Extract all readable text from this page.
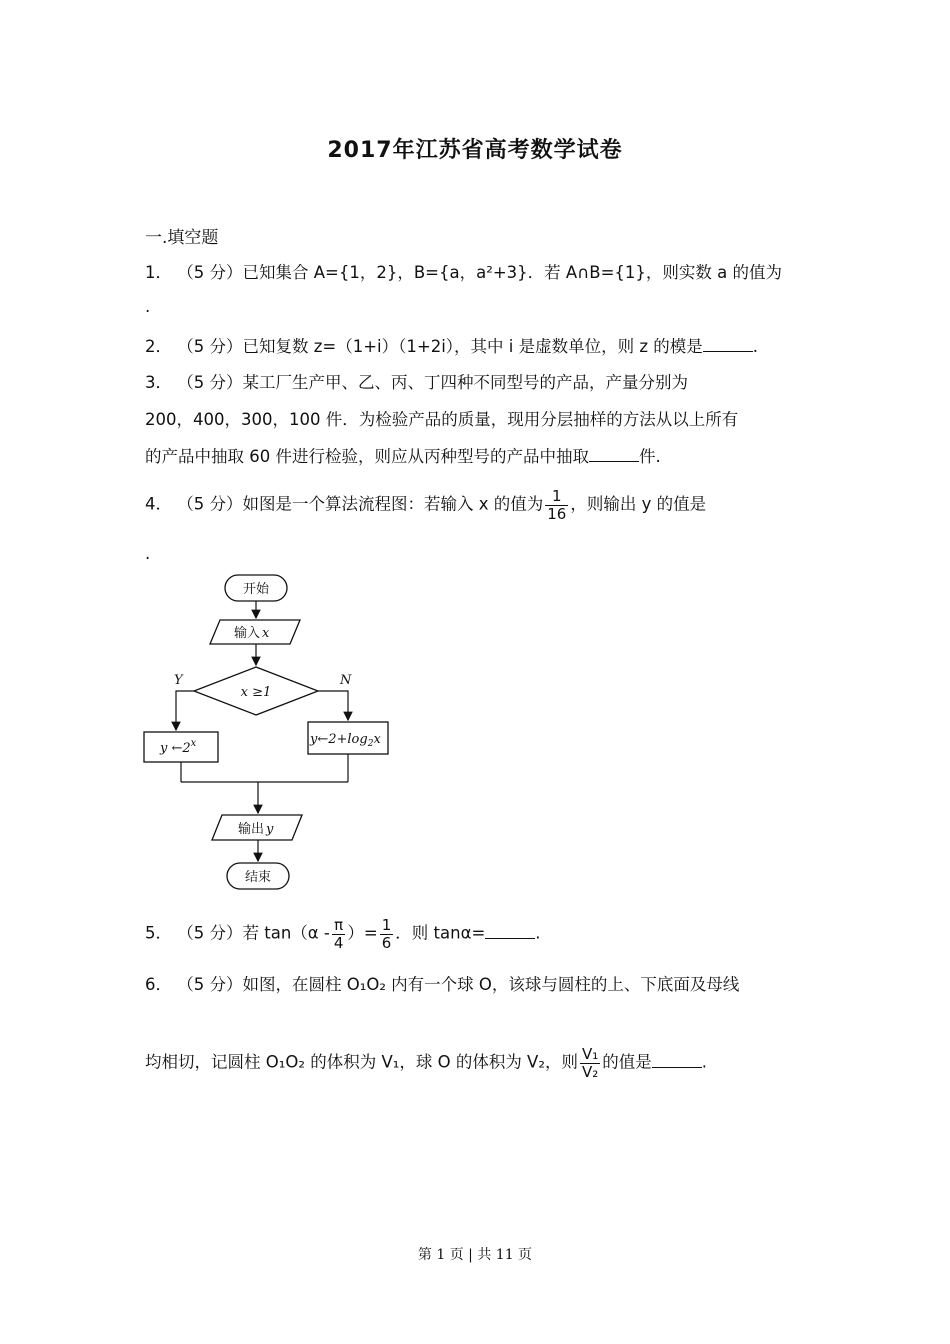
2017年江苏省高考数学试卷
一.填空题
1． （5 分）已知集合 A={1，2}，B={a，a²+3}．若 A∩B={1}，则实数 a 的值为
.
2． （5 分）已知复数 z=（1+i）（1+2i），其中 i 是虚数单位，则 z 的模是	.
3． （5 分）某工厂生产甲、乙、丙、丁四种不同型号的产品，产量分别为
200，400，300，100 件．为检验产品的质量，现用分层抽样的方法从以上所有
的产品中抽取 60 件进行检验，则应从丙种型号的产品中抽取	件.
4． （5 分）如图是一个算法流程图：若输入 x 的值为 $\frac{1}{16}$ ，则输出 y 的值是
.
开始
输入 x
x ≥1
Y	N
y ←2$^x$	$y\leftarrow 2+\log_2x$
输出 y
结束
5． （5 分）若 $\tan(\alpha - \frac{\pi}{4}$ ）= $\frac{1}{6}$ ．则 tanα=	.
6． （5 分）如图，在圆柱 O₁O₂ 内有一个球 O，该球与圆柱的上、下底面及母线
均相切，记圆柱 O₁O₂ 的体积为 V₁，球 O 的体积为 V₂，则 $\frac{\text{V₁}}{\text{V₂}}$ 的值是	.
第 1 页 | 共 11 页
